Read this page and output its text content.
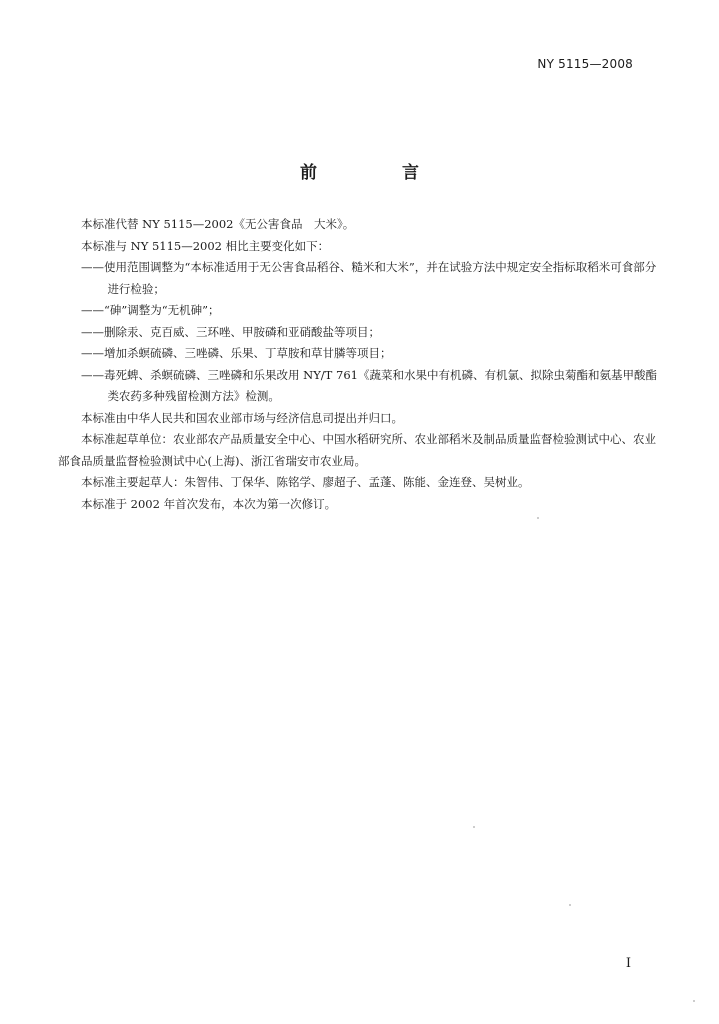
NY 5115—2008
前　言

本标准代替 NY 5115—2002《无公害食品　大米》。

本标准与 NY 5115—2002 相比主要变化如下：

——使用范围调整为“本标准适用于无公害食品稻谷、糙米和大米”，并在试验方法中规定安全指标取稻米可食部分进行检验；

——“砷”调整为“无机砷”；

——删除汞、克百威、三环唑、甲胺磷和亚硝酸盐等项目；

——增加杀螟硫磷、三唑磷、乐果、丁草胺和草甘膦等项目；

——毒死蜱、杀螟硫磷、三唑磷和乐果改用 NY/T 761《蔬菜和水果中有机磷、有机氯、拟除虫菊酯和氨基甲酸酯类农药多种残留检测方法》检测。

本标准由中华人民共和国农业部市场与经济信息司提出并归口。

本标准起草单位：农业部农产品质量安全中心、中国水稻研究所、农业部稻米及制品质量监督检验测试中心、农业部食品质量监督检验测试中心(上海)、浙江省瑞安市农业局。

本标准主要起草人：朱智伟、丁保华、陈铭学、廖超子、孟蓬、陈能、金连登、吴树业。

本标准于 2002 年首次发布，本次为第一次修订。

I
